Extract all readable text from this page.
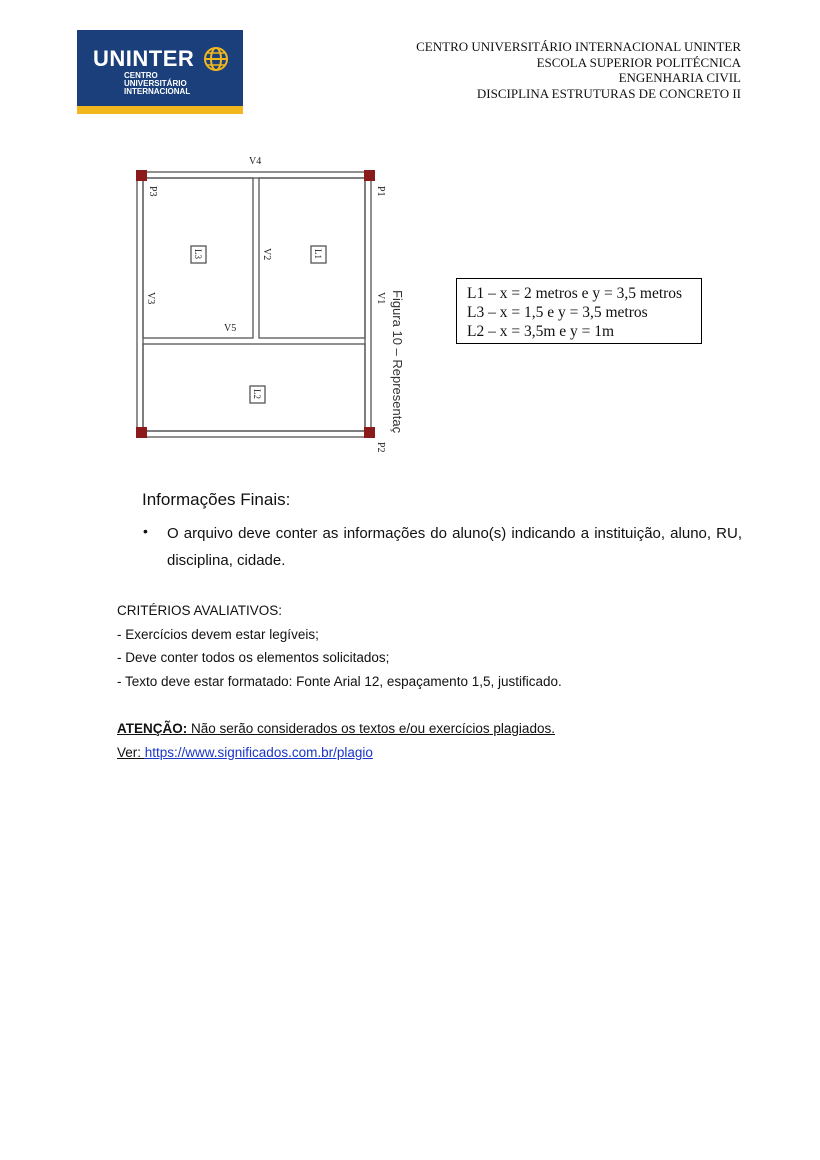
UNINTER
CENTRO
UNIVERSITÁRIO
INTERNACIONAL
CENTRO UNIVERSITÁRIO INTERNACIONAL UNINTER
ESCOLA SUPERIOR POLITÉCNICA
ENGENHARIA CIVIL
DISCIPLINA ESTRUTURAS DE CONCRETO II
V4
V5
P3	P1
P2
V2
V3	V1
L3	L1
L2	Figura 10 – Representaç	L1 – x = 2 metros e y = 3,5 metros
L3 – x = 1,5 e y = 3,5 metros
L2 – x = 3,5m e y = 1m
Informações Finais:
• O arquivo deve conter as informações do aluno(s) indicando a instituição, aluno, RU, disciplina, cidade.
CRITÉRIOS AVALIATIVOS:
- Exercícios devem estar legíveis;
- Deve conter todos os elementos solicitados;
- Texto deve estar formatado: Fonte Arial 12, espaçamento 1,5, justificado.
ATENÇÃO: Não serão considerados os textos e/ou exercícios plagiados.
Ver: https://www.significados.com.br/plagio
